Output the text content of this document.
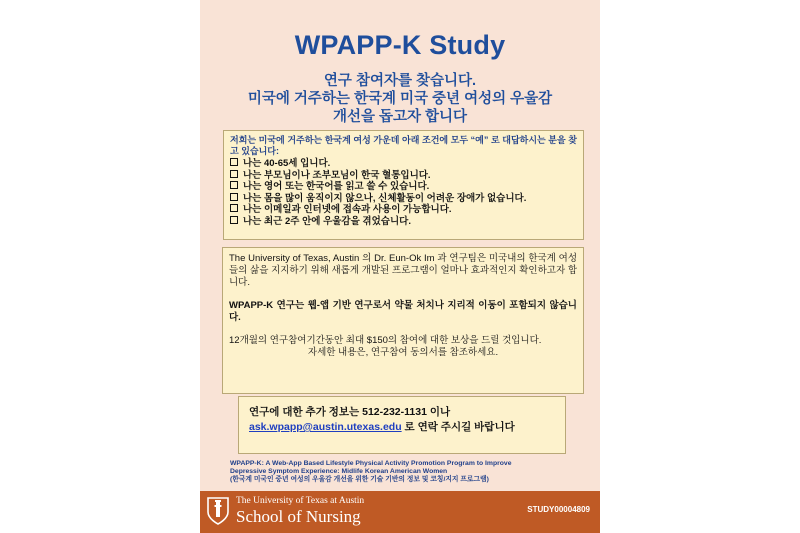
WPAPP-K Study
연구 참여자를 찾습니다.
미국에 거주하는 한국계 미국 중년 여성의 우울감
개선을 돕고자 합니다
저희는 미국에 거주하는 한국계 여성 가운데 아래 조건에 모두 “예” 로 대답하시는 분을 찾고 있습니다:
나는 40-65세 입니다.
나는 부모님이나 조부모님이 한국 혈통입니다.
나는 영어 또는 한국어를 읽고 쓸 수 있습니다.
나는 몸을 많이 움직이지 않으나, 신체활동이 어려운 장애가 없습니다.
나는 이메일과 인터넷에 접속과 사용이 가능합니다.
나는 최근 2주 안에 우울감을 겪었습니다.

The University of Texas, Austin 의 Dr. Eun-Ok Im 과 연구팀은 미국내의 한국계 여성들의 삶을 지지하기 위해 새롭게 개발된 프로그램이 얼마나 효과적인지 확인하고자 합니다.

WPAPP-K 연구는 웹-앱 기반 연구로서 약물 처치나 지리적 이동이 포함되지 않습니다.

12개월의 연구참여기간동안 최대 $150의 참여에 대한 보상을 드릴 것입니다.

자세한 내용은, 연구참여 동의서를 참조하세요.

연구에 대한 추가 정보는 512-232-1131 이나
ask.wpapp@austin.utexas.edu 로 연락 주시길 바랍니다
WPAPP-K: A Web-App Based Lifestyle Physical Activity Promotion Program to Improve
Depressive Symptom Experience: Midlife Korean American Women
(한국계 미국인 중년 여성의 우울감 개선을 위한 기술 기반의 정보 및 코칭/지지 프로그램)
The University of Texas at Austin
School of Nursing	STUDY00004809
